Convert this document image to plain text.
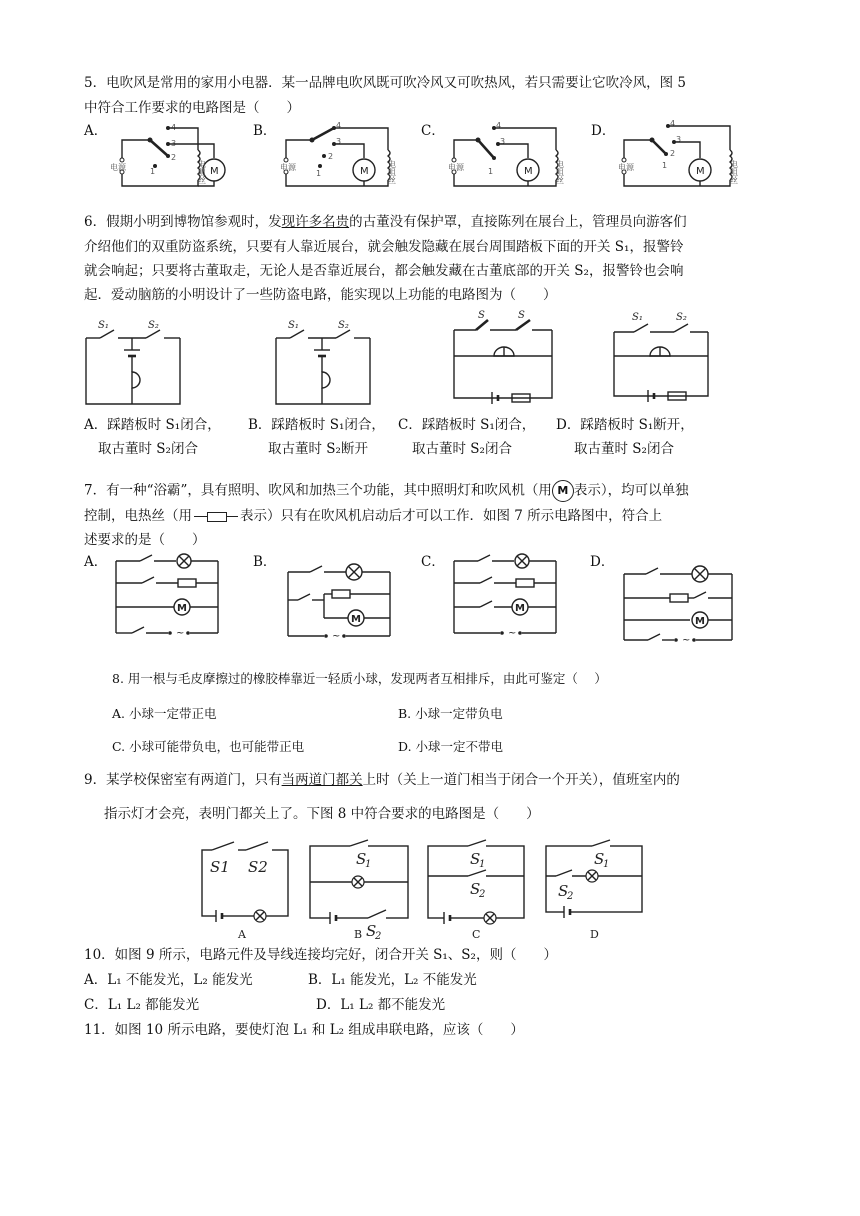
5．电吹风是常用的家用小电器．某一品牌电吹风既可吹冷风又可吹热风，若只需要让它吹冷风，图 5
中符合工作要求的电路图是（　　）
A．	B．	C．	D．
4
3
2
1	M
电源	电阻丝
4
3
2
1	M
电源	电阻丝
4
3
1	M
电源	电阻丝
4
3
2
1
M
电源	电阻丝
6．假期小明到博物馆参观时，发现许多名贵的古董没有保护罩，直接陈列在展台上，管理员向游客们
介绍他们的双重防盗系统，只要有人靠近展台，就会触发隐藏在展台周围踏板下面的开关 S₁，报警铃
就会响起；只要将古董取走，无论人是否靠近展台，都会触发藏在古董底部的开关 S₂，报警铃也会响
起．爱动脑筋的小明设计了一些防盗电路，能实现以上功能的电路图为（　　）
S₁	S₂	S₁	S₂
S	S	S₁	S₂
A．踩踏板时 S₁闭合，
取古董时 S₂闭合
B．踩踏板时 S₁闭合，
取古董时 S₂断开
C．踩踏板时 S₁闭合，
取古董时 S₂闭合
D．踩踏板时 S₁断开，
取古董时 S₂闭合
7．有一种“浴霸”，具有照明、吹风和加热三个功能，其中照明灯和吹风机（用 M 表示），均可以单独
控制，电热丝（用	表示）只有在吹风机启动后才可以工作．如图 7 所示电路图中，符合上
述要求的是（　　）
A．	B．	C．	D．
M
~
M
~
M
~
M
~
8. 用一根与毛皮摩擦过的橡胶棒靠近一轻质小球，发现两者互相排斥，由此可鉴定（　 ）
A. 小球一定带正电	B. 小球一定带负电
C. 小球可能带负电，也可能带正电	D. 小球一定不带电
9．某学校保密室有两道门，只有当两道门都关上时（关上一道门相当于闭合一个开关），值班室内的
指示灯才会亮，表明门都关上了。下图 8 中符合要求的电路图是（　　）
S1 S2
A
S
1
S
2
B
S
1
S
2
C
S
1
S
2
D
10．如图 9 所示，电路元件及导线连接均完好，闭合开关 S₁、S₂，则（　　）
A．L₁ 不能发光，L₂ 能发光	B．L₁ 能发光，L₂ 不能发光
C．L₁ L₂ 都能发光	D．L₁ L₂ 都不能发光
11．如图 10 所示电路，要使灯泡 L₁ 和 L₂ 组成串联电路，应该（　　）
